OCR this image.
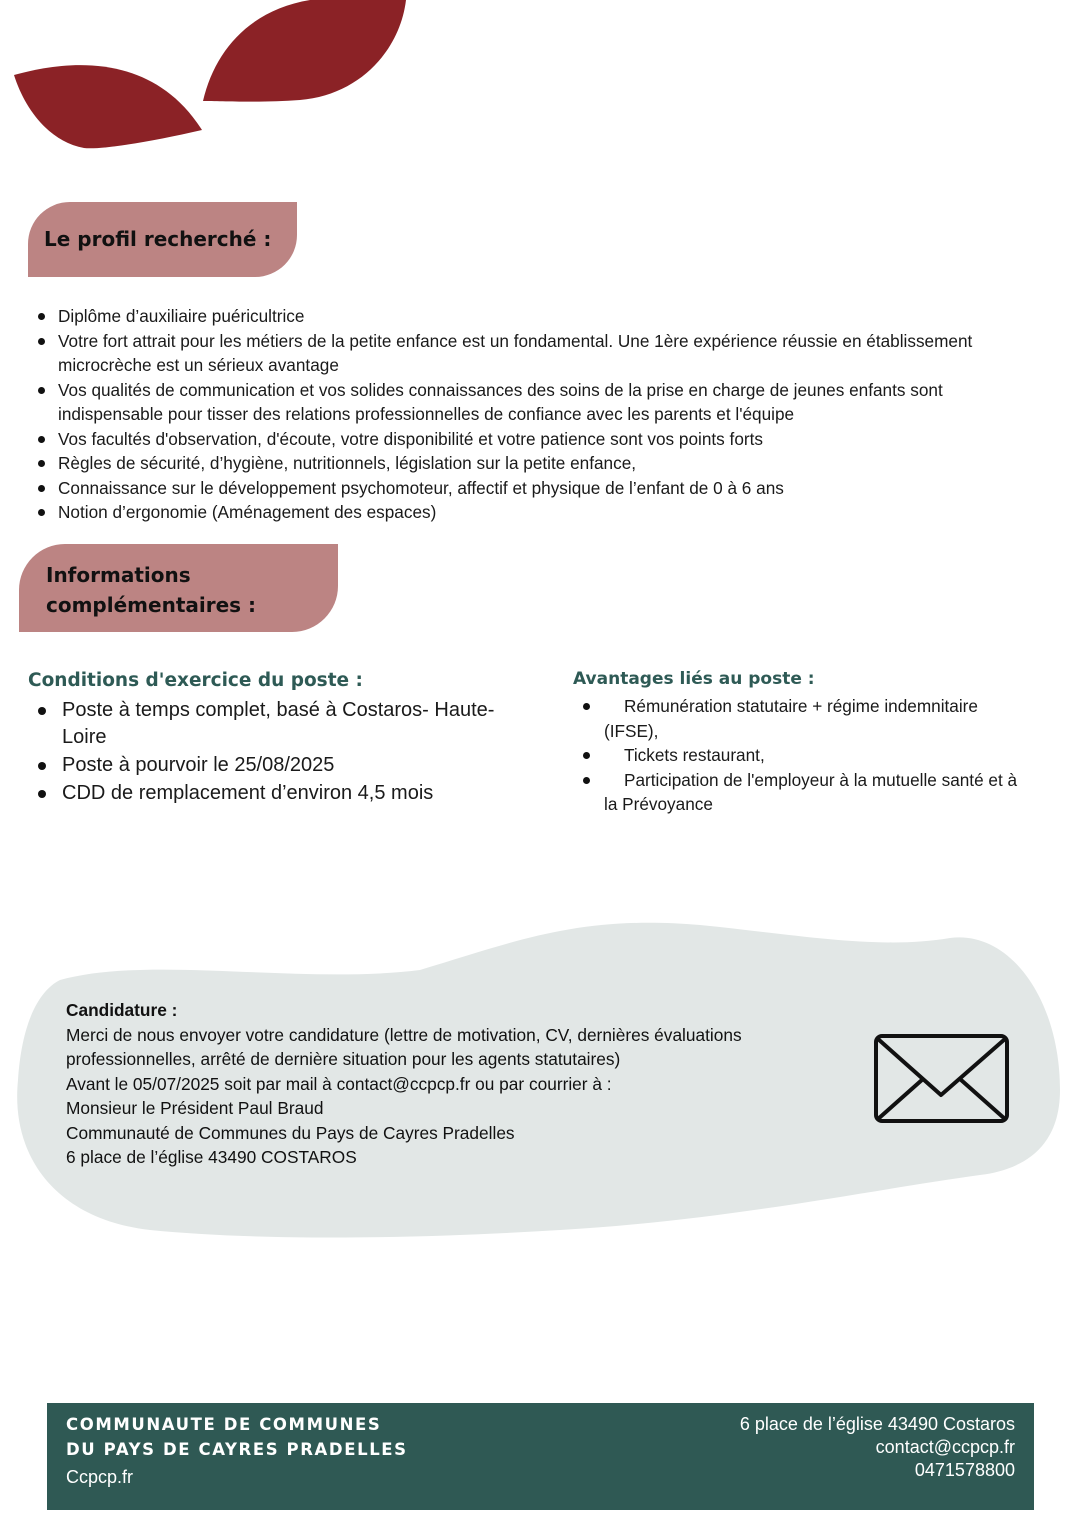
Le profil recherché :
Diplôme d’auxiliaire puéricultrice
Votre fort attrait pour les métiers de la petite enfance est un fondamental. Une 1ère expérience réussie en établissement microcrèche est un sérieux avantage
Vos qualités de communication et vos solides connaissances des soins de la prise en charge de jeunes enfants sont indispensable pour tisser des relations professionnelles de confiance avec les parents et l'équipe
Vos facultés d'observation, d'écoute, votre disponibilité et votre patience sont vos points forts
Règles de sécurité, d’hygiène, nutritionnels, législation sur la petite enfance,
Connaissance sur le développement psychomoteur, affectif et physique de l’enfant de 0 à 6 ans
Notion d’ergonomie (Aménagement des espaces)
Informations
complémentaires :
Conditions d'exercice du poste :
Poste à temps complet, basé à Costaros- Haute-Loire
Poste à pourvoir le 25/08/2025
CDD de remplacement d’environ 4,5 mois
Avantages liés au poste :
Rémunération statutaire + régime indemnitaire (IFSE),
Tickets restaurant,
Participation de l'employeur à la mutuelle santé et à la Prévoyance
Candidature :
Merci de nous envoyer votre candidature (lettre de motivation, CV, dernières évaluations professionnelles, arrêté de dernière situation pour les agents statutaires)
Avant le 05/07/2025 soit par mail à contact@ccpcp.fr ou par courrier à :
Monsieur le Président Paul Braud
Communauté de Communes du Pays de Cayres Pradelles
6 place de l’église 43490 COSTAROS
COMMUNAUTE DE COMMUNES
DU PAYS DE CAYRES PRADELLES
Ccpcp.fr
6 place de l’église 43490 Costaros
contact@ccpcp.fr
0471578800
